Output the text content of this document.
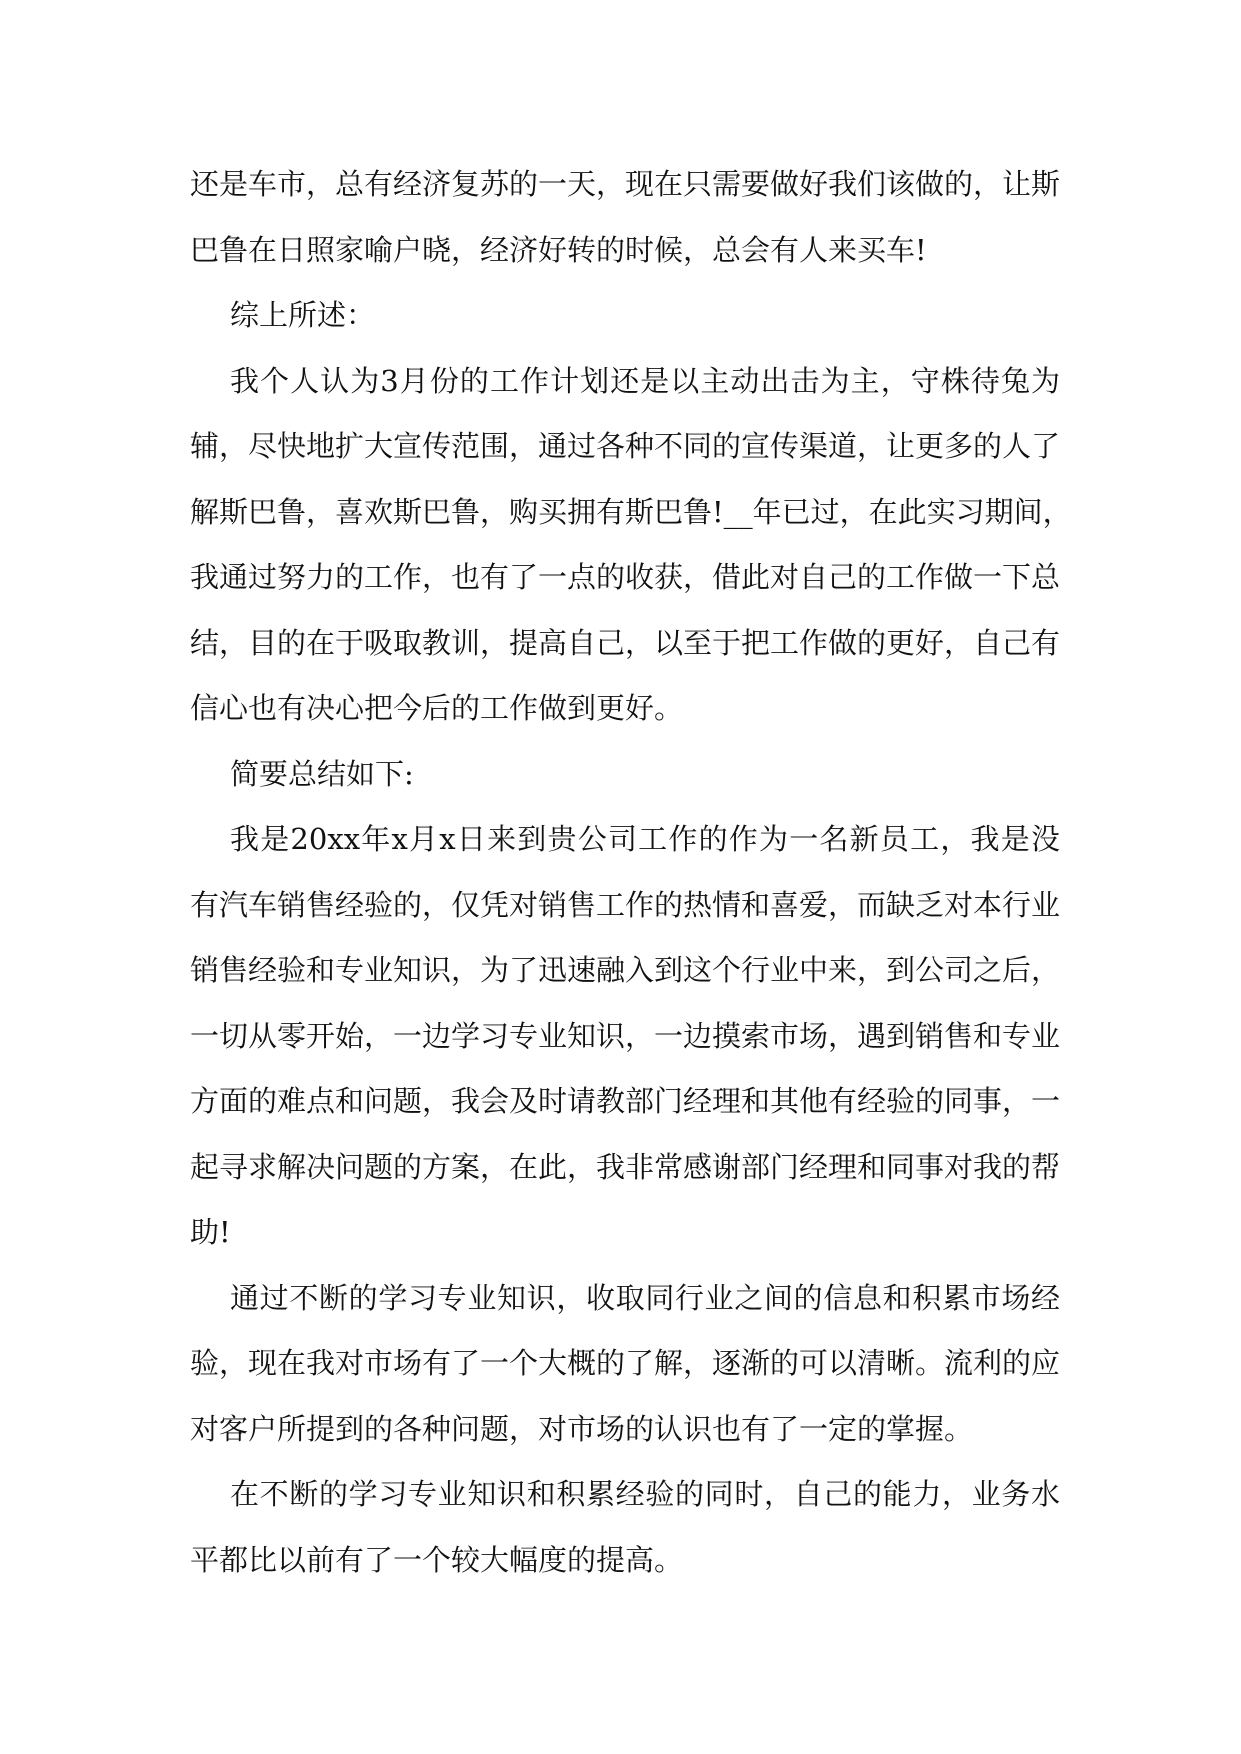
还是车市，总有经济复苏的一天，现在只需要做好我们该做的，让斯
巴鲁在日照家喻户晓，经济好转的时候，总会有人来买车!
综上所述：
我个人认为3月份的工作计划还是以主动出击为主，守株待兔为
辅，尽快地扩大宣传范围，通过各种不同的宣传渠道，让更多的人了
解斯巴鲁，喜欢斯巴鲁，购买拥有斯巴鲁!__年已过，在此实习期间，
我通过努力的工作，也有了一点的收获，借此对自己的工作做一下总
结，目的在于吸取教训，提高自己，以至于把工作做的更好，自己有
信心也有决心把今后的工作做到更好。
简要总结如下:
我是20xx年x月x日来到贵公司工作的作为一名新员工，我是没
有汽车销售经验的，仅凭对销售工作的热情和喜爱，而缺乏对本行业
销售经验和专业知识，为了迅速融入到这个行业中来，到公司之后，
一切从零开始，一边学习专业知识，一边摸索市场，遇到销售和专业
方面的难点和问题，我会及时请教部门经理和其他有经验的同事，一
起寻求解决问题的方案，在此，我非常感谢部门经理和同事对我的帮
助!
通过不断的学习专业知识，收取同行业之间的信息和积累市场经
验，现在我对市场有了一个大概的了解，逐渐的可以清晰。流利的应
对客户所提到的各种问题，对市场的认识也有了一定的掌握。
在不断的学习专业知识和积累经验的同时，自己的能力，业务水
平都比以前有了一个较大幅度的提高。
